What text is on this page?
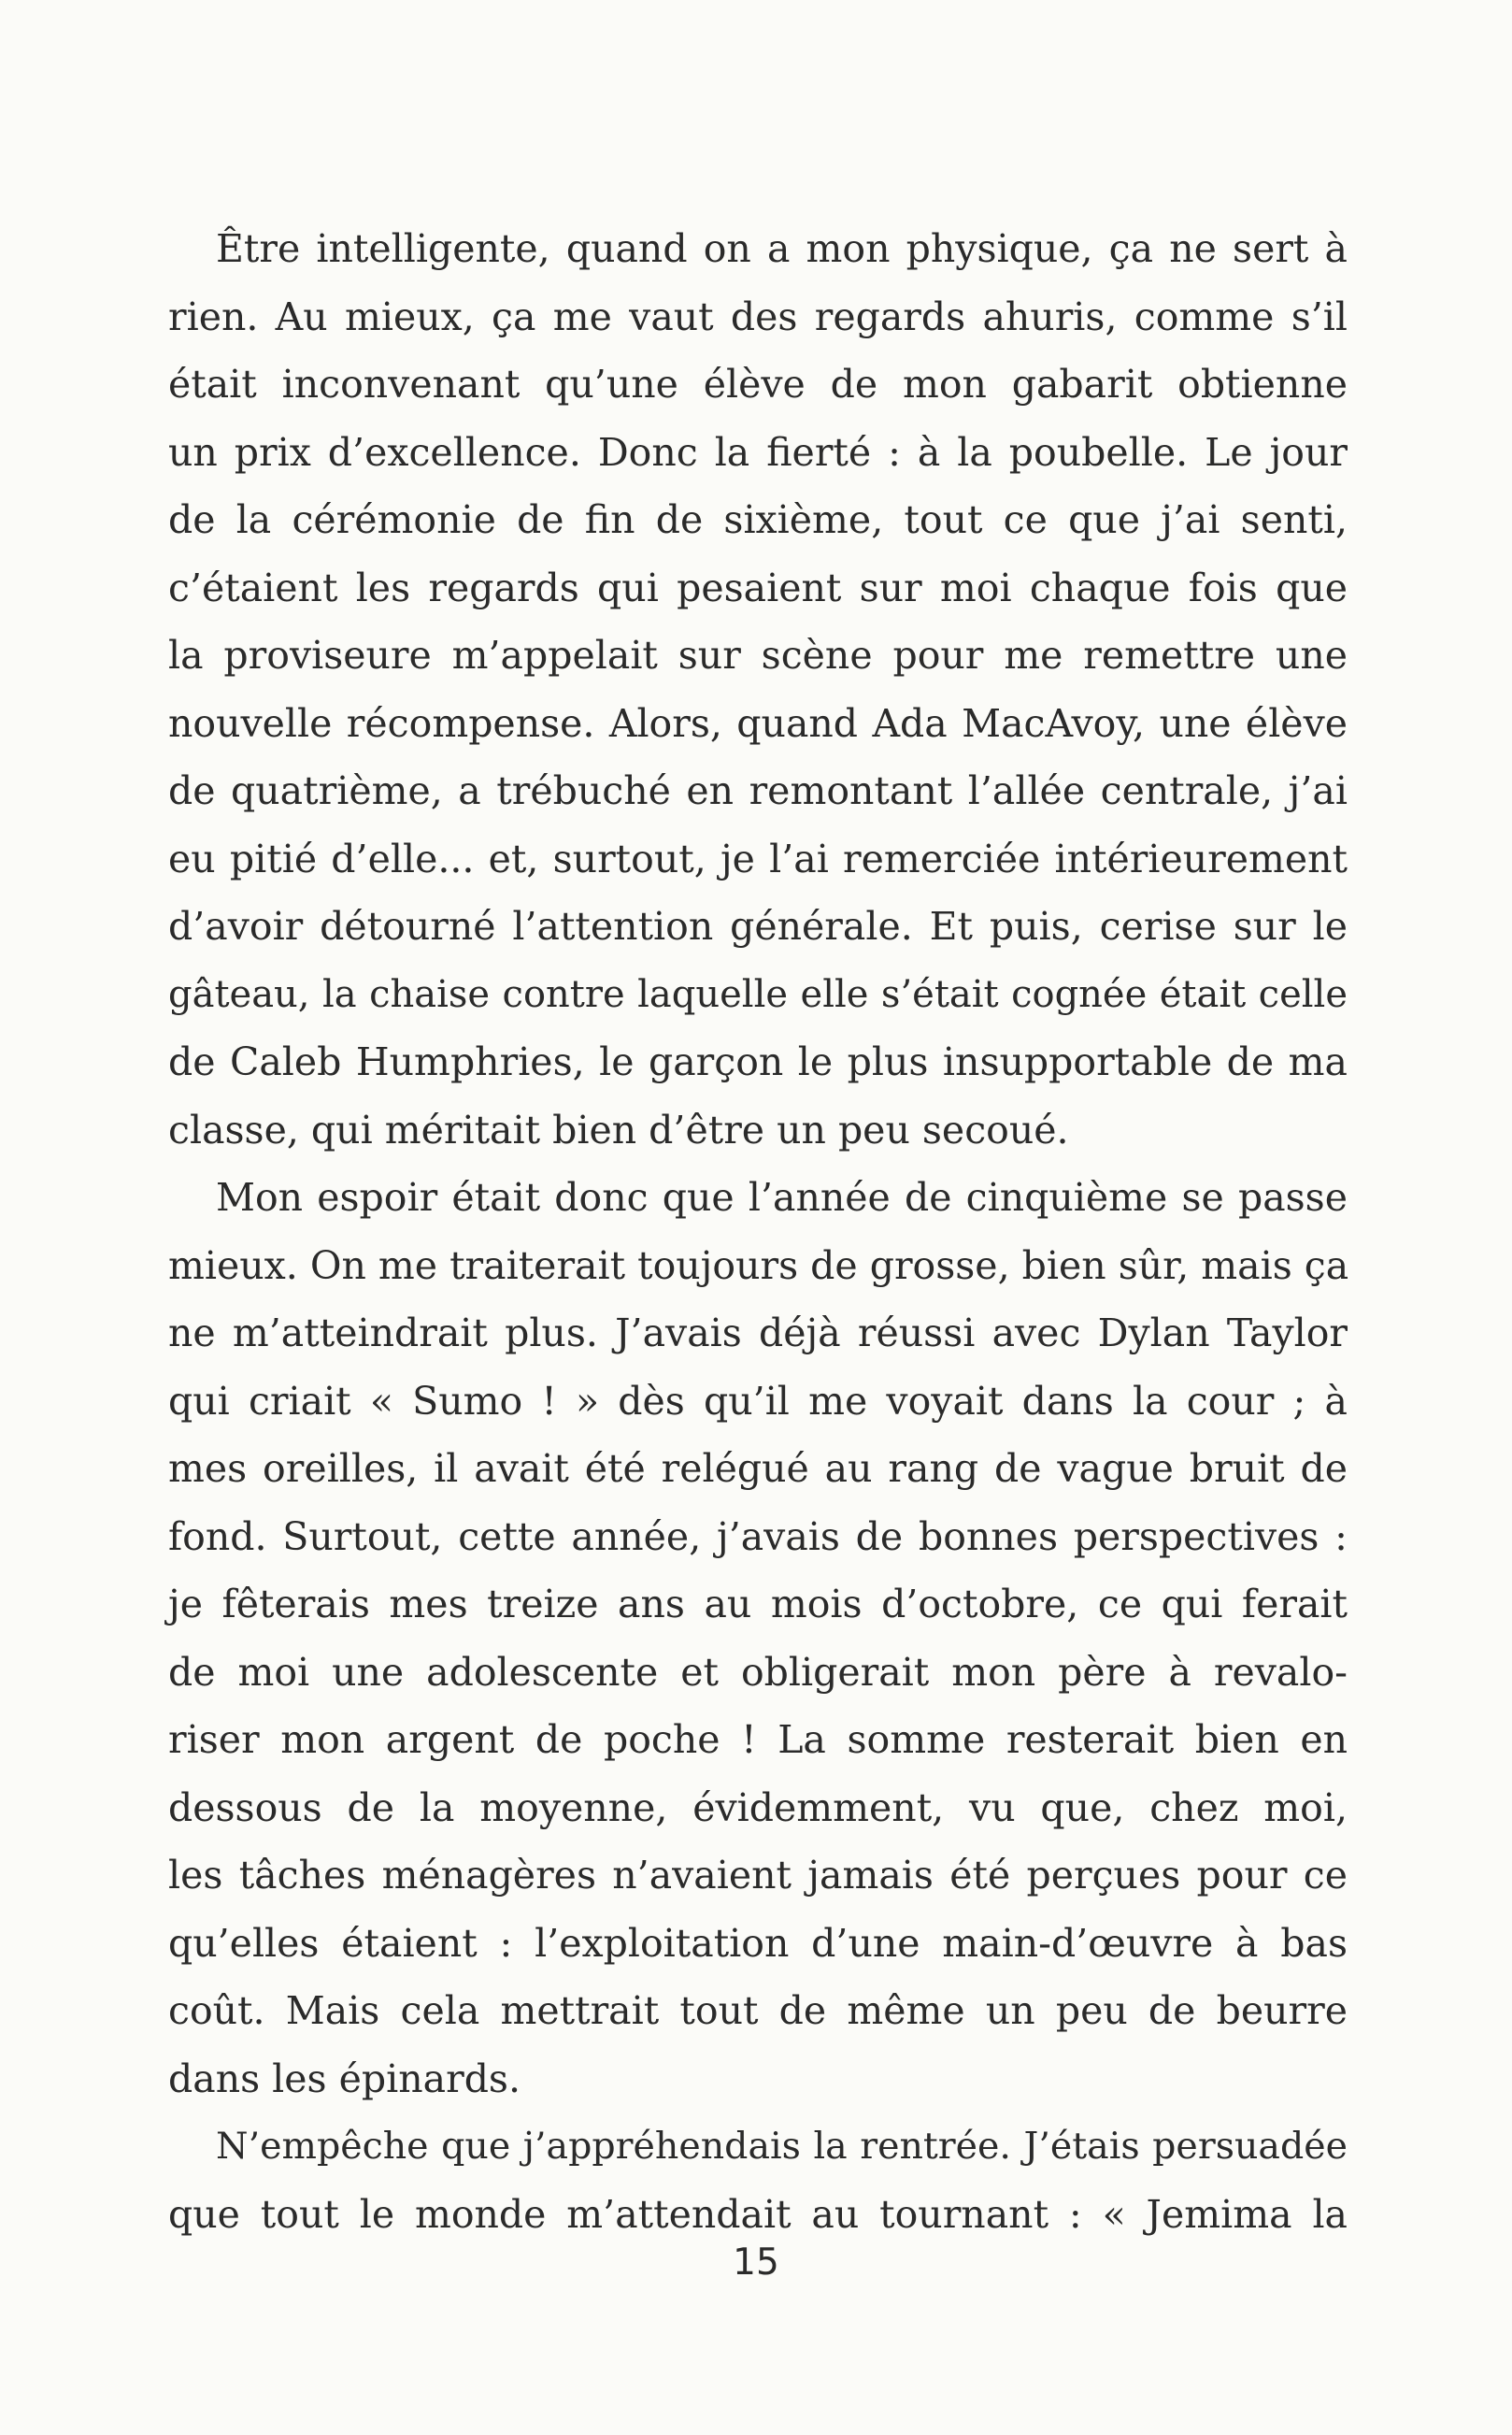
Être intelligente, quand on a mon physique, ça ne sert à
rien. Au mieux, ça me vaut des regards ahuris, comme s’il
était inconvenant qu’une élève de mon gabarit obtienne
un prix d’excellence. Donc la fierté : à la poubelle. Le jour
de la cérémonie de fin de sixième, tout ce que j’ai senti,
c’étaient les regards qui pesaient sur moi chaque fois que
la proviseure m’appelait sur scène pour me remettre une
nouvelle récompense. Alors, quand Ada MacAvoy, une élève
de quatrième, a trébuché en remontant l’allée centrale, j’ai
eu pitié d’elle... et, surtout, je l’ai remerciée intérieurement
d’avoir détourné l’attention générale. Et puis, cerise sur le
gâteau, la chaise contre laquelle elle s’était cognée était celle
de Caleb Humphries, le garçon le plus insupportable de ma
classe, qui méritait bien d’être un peu secoué.
Mon espoir était donc que l’année de cinquième se passe
mieux. On me traiterait toujours de grosse, bien sûr, mais ça
ne m’atteindrait plus. J’avais déjà réussi avec Dylan Taylor
qui criait « Sumo ! » dès qu’il me voyait dans la cour ; à
mes oreilles, il avait été relégué au rang de vague bruit de
fond. Surtout, cette année, j’avais de bonnes perspectives :
je fêterais mes treize ans au mois d’octobre, ce qui ferait
de moi une adolescente et obligerait mon père à revalo-
riser mon argent de poche ! La somme resterait bien en
dessous de la moyenne, évidemment, vu que, chez moi,
les tâches ménagères n’avaient jamais été perçues pour ce
qu’elles étaient : l’exploitation d’une main-d’œuvre à bas
coût. Mais cela mettrait tout de même un peu de beurre
dans les épinards.
N’empêche que j’appréhendais la rentrée. J’étais persuadée
que tout le monde m’attendait au tournant : « Jemima la
15
